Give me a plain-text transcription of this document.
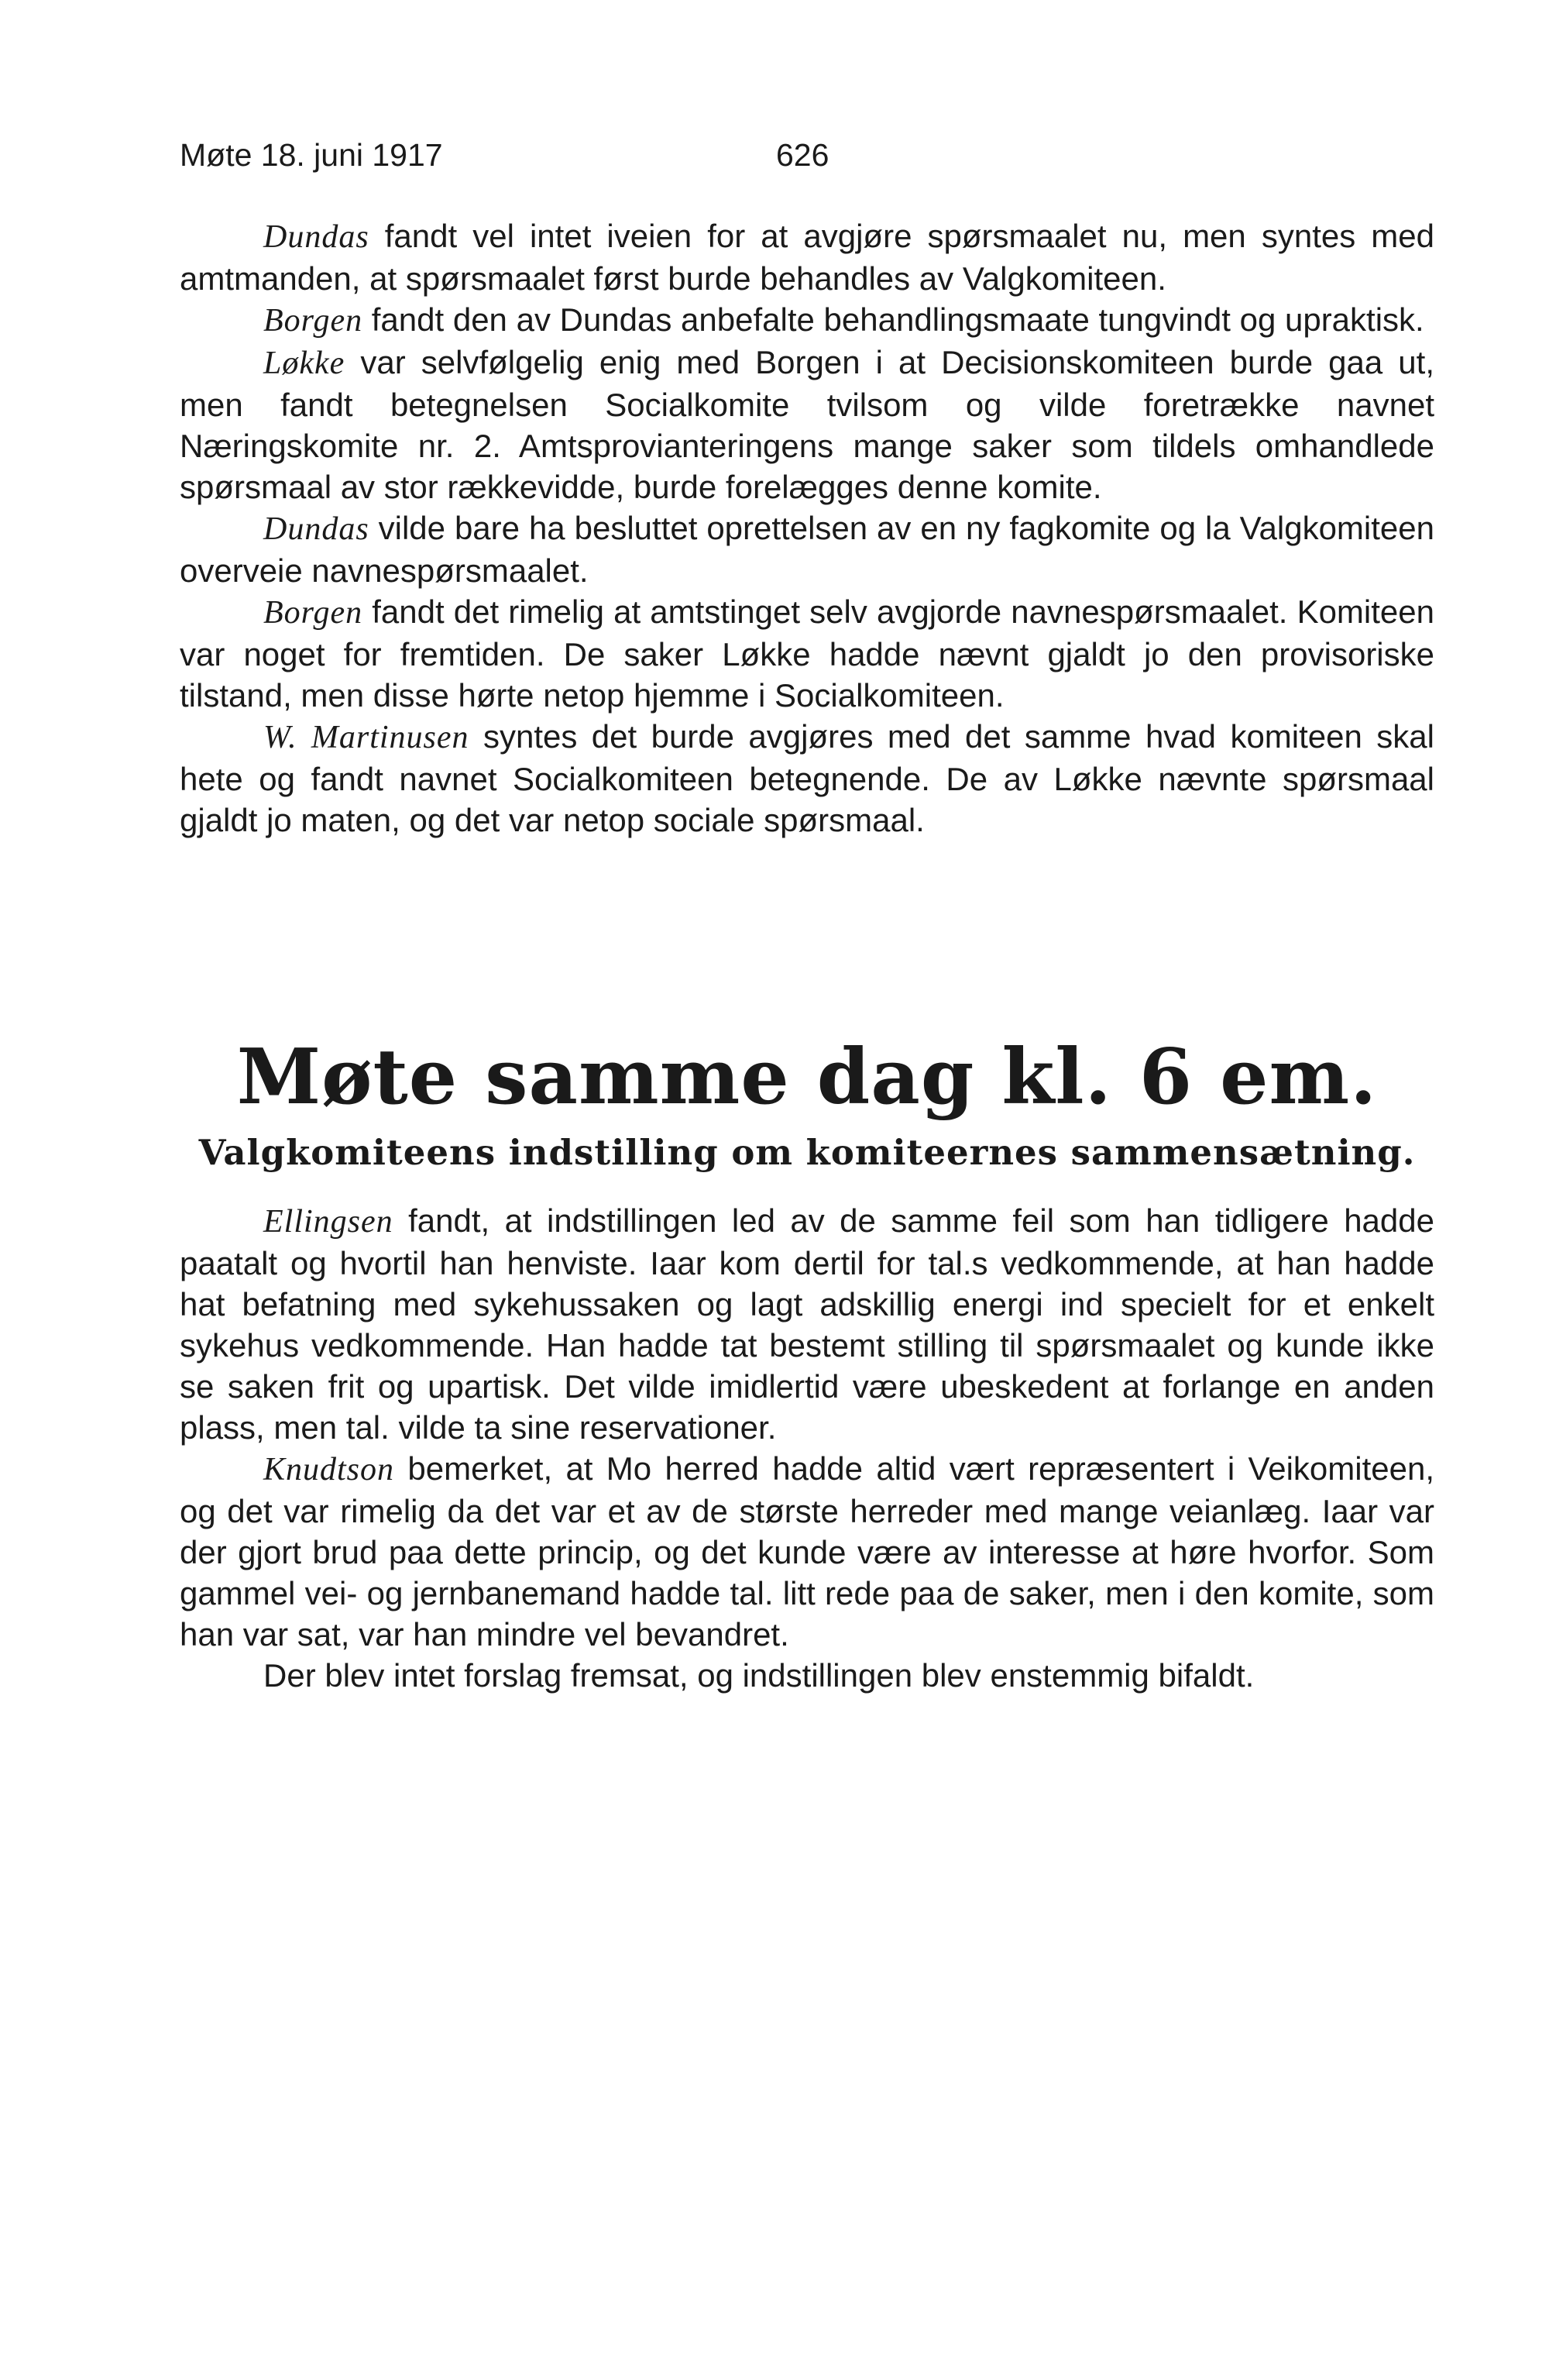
Møte 18. juni 1917	626

Dundas fandt vel intet iveien for at avgjøre spørsmaalet nu, men syntes med amtmanden, at spørsmaalet først burde behandles av Valgkomiteen.

Borgen fandt den av Dundas anbefalte behandlingsmaate tungvindt og upraktisk.

Løkke var selvfølgelig enig med Borgen i at Decisionskomiteen burde gaa ut, men fandt betegnelsen Socialkomite tvilsom og vilde foretrække navnet Næringskomite nr. 2. Amtsprovianteringens mange saker som tildels omhandlede spørsmaal av stor rækkevidde, burde forelægges denne komite.

Dundas vilde bare ha besluttet oprettelsen av en ny fagkomite og la Valgkomiteen overveie navnespørsmaalet.

Borgen fandt det rimelig at amtstinget selv avgjorde navnespørsmaalet. Komiteen var noget for fremtiden. De saker Løkke hadde nævnt gjaldt jo den provisoriske tilstand, men disse hørte netop hjemme i Socialkomiteen.

W. Martinusen syntes det burde avgjøres med det samme hvad komiteen skal hete og fandt navnet Socialkomiteen betegnende. De av Løkke nævnte spørsmaal gjaldt jo maten, og det var netop sociale spørsmaal.

Møte samme dag kl. 6 em.
Valgkomiteens indstilling om komiteernes sammensætning.

Ellingsen fandt, at indstillingen led av de samme feil som han tidligere hadde paatalt og hvortil han henviste. Iaar kom dertil for tal.s vedkommende, at han hadde hat befatning med sykehussaken og lagt adskillig energi ind specielt for et enkelt sykehus vedkommende. Han hadde tat bestemt stilling til spørsmaalet og kunde ikke se saken frit og upartisk. Det vilde imidlertid være ubeskedent at forlange en anden plass, men tal. vilde ta sine reservationer.

Knudtson bemerket, at Mo herred hadde altid vært repræsentert i Veikomiteen, og det var rimelig da det var et av de største herreder med mange veianlæg. Iaar var der gjort brud paa dette princip, og det kunde være av interesse at høre hvorfor. Som gammel vei- og jernbanemand hadde tal. litt rede paa de saker, men i den komite, som han var sat, var han mindre vel bevandret.

Der blev intet forslag fremsat, og indstillingen blev enstemmig bifaldt.
